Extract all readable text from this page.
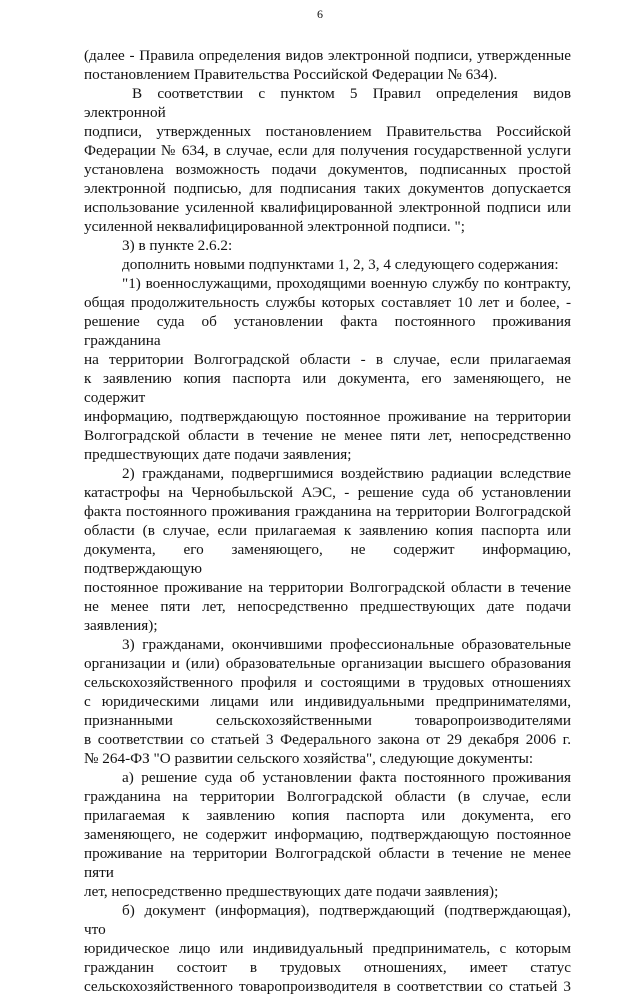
6
(далее - Правила определения видов электронной подписи, утвержденные
постановлением Правительства Российской Федерации № 634).
В соответствии с пунктом 5 Правил определения видов электронной
подписи, утвержденных постановлением Правительства Российской
Федерации № 634, в случае, если для получения государственной услуги
установлена возможность подачи документов, подписанных простой
электронной подписью, для подписания таких документов допускается
использование усиленной квалифицированной электронной подписи или
усиленной неквалифицированной электронной подписи. ";
3) в пункте 2.6.2:
дополнить новыми подпунктами 1, 2, 3, 4 следующего содержания:
"1) военнослужащими, проходящими военную службу по контракту,
общая продолжительность службы которых составляет 10 лет и более, -
решение суда об установлении факта постоянного проживания гражданина
на территории Волгоградской области - в случае, если прилагаемая
к заявлению копия паспорта или документа, его заменяющего, не содержит
информацию, подтверждающую постоянное проживание на территории
Волгоградской области в течение не менее пяти лет, непосредственно
предшествующих дате подачи заявления;
2) гражданами, подвергшимися воздействию радиации вследствие
катастрофы на Чернобыльской АЭС, - решение суда об установлении
факта постоянного проживания гражданина на территории Волгоградской
области (в случае, если прилагаемая к заявлению копия паспорта или
документа, его заменяющего, не содержит информацию, подтверждающую
постоянное проживание на территории Волгоградской области в течение
не менее пяти лет, непосредственно предшествующих дате подачи
заявления);
3) гражданами, окончившими профессиональные образовательные
организации и (или) образовательные организации высшего образования
сельскохозяйственного профиля и состоящими в трудовых отношениях
с юридическими лицами или индивидуальными предпринимателями,
признанными сельскохозяйственными товаропроизводителями
в соответствии со статьей 3 Федерального закона от 29 декабря 2006 г.
№ 264-ФЗ "О развитии сельского хозяйства", следующие документы:
а) решение суда об установлении факта постоянного проживания
гражданина на территории Волгоградской области (в случае, если
прилагаемая к заявлению копия паспорта или документа, его
заменяющего, не содержит информацию, подтверждающую постоянное
проживание на территории Волгоградской области в течение не менее пяти
лет, непосредственно предшествующих дате подачи заявления);
б) документ (информация), подтверждающий (подтверждающая), что
юридическое лицо или индивидуальный предприниматель, с которым
гражданин состоит в трудовых отношениях, имеет статус
сельскохозяйственного товаропроизводителя в соответствии со статьей 3
